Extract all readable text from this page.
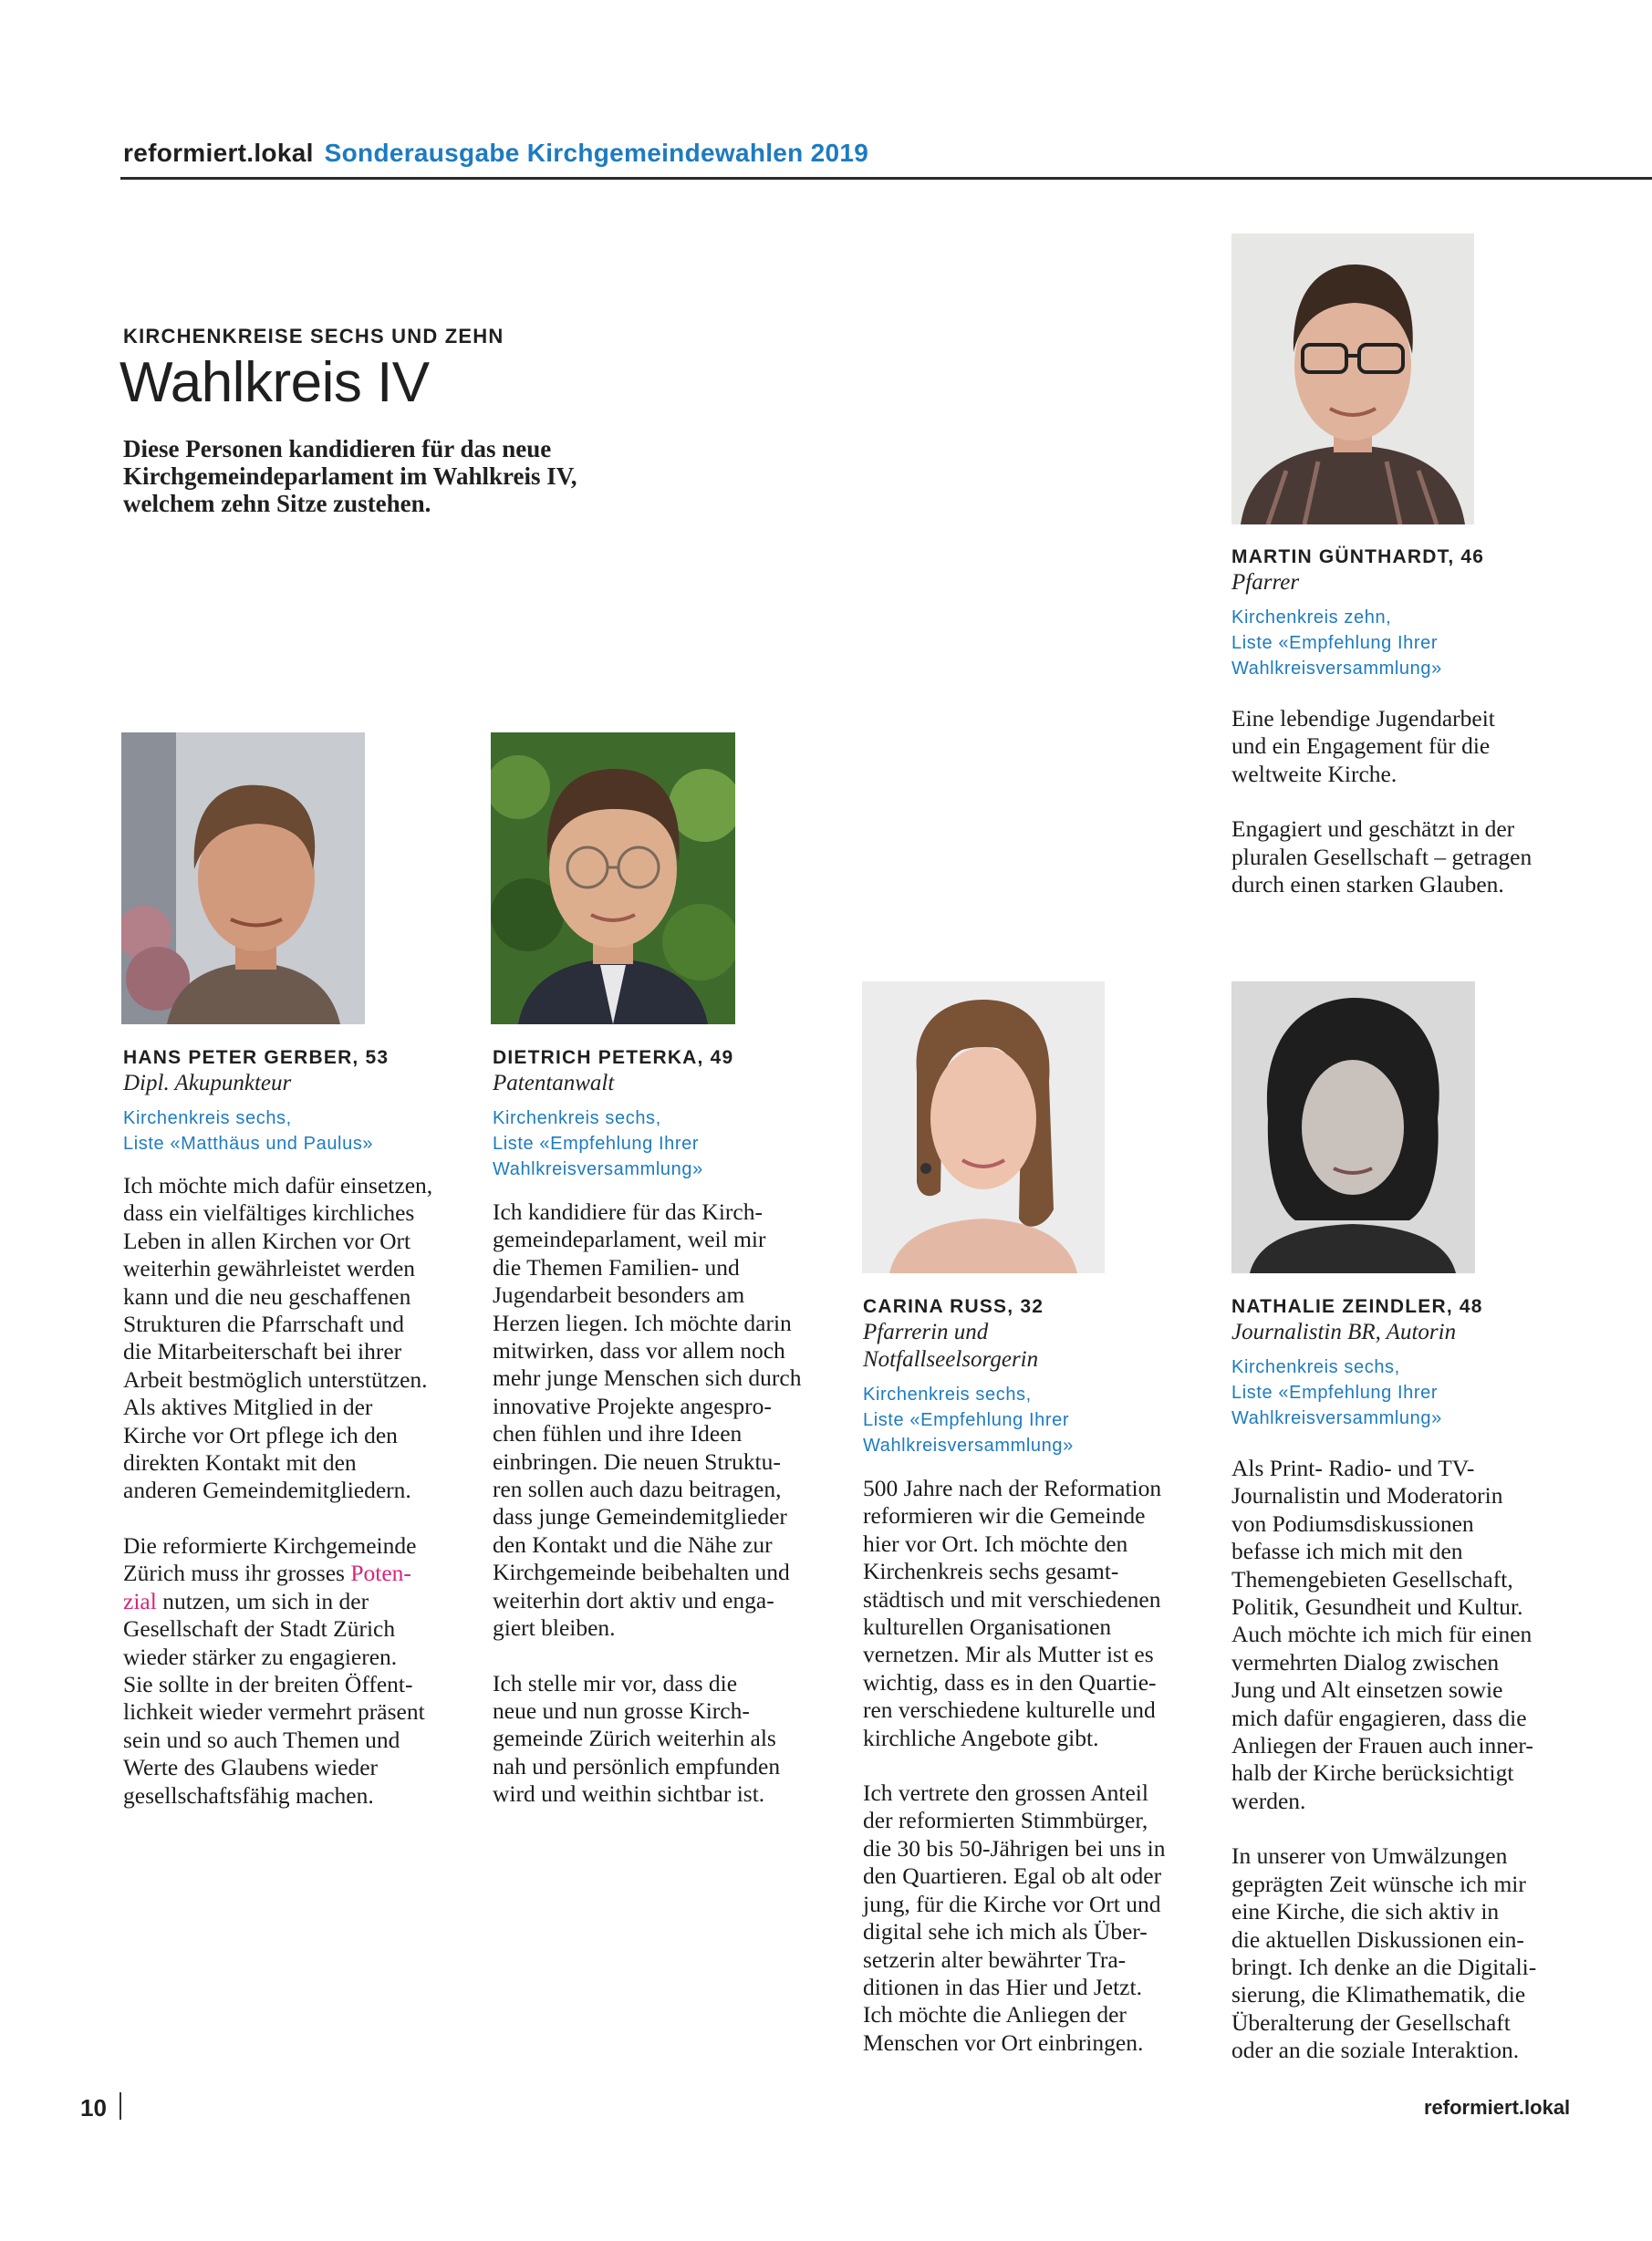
reformiert.lokal Sonderausgabe Kirchgemeindewahlen 2019
KIRCHENKREISE SECHS UND ZEHN
Wahlkreis IV
Diese Personen kandidieren für das neue
Kirchgemeindeparlament im Wahlkreis IV,
welchem zehn Sitze zustehen.
MARTIN GÜNTHARDT, 46
Pfarrer
Kirchenkreis zehn,
Liste «Empfehlung Ihrer
Wahlkreisversammlung»

Eine lebendige Jugendarbeit
und ein Engagement für die
weltweite Kirche.

Engagiert und geschätzt in der
pluralen Gesellschaft – getragen
durch einen starken Glauben.

HANS PETER GERBER, 53
Dipl. Akupunkteur
Kirchenkreis sechs,
Liste «Matthäus und Paulus»

Ich möchte mich dafür einsetzen,
dass ein vielfältiges kirchliches
Leben in allen Kirchen vor Ort
weiterhin gewährleistet werden
kann und die neu geschaffenen
Strukturen die Pfarrschaft und
die Mitarbeiterschaft bei ihrer
Arbeit bestmöglich unterstützen.
Als aktives Mitglied in der
Kirche vor Ort pflege ich den
direkten Kontakt mit den
anderen Gemeindemitgliedern.

Die reformierte Kirchgemeinde
Zürich muss ihr grosses Poten-
zial nutzen, um sich in der
Gesellschaft der Stadt Zürich
wieder stärker zu engagieren.
Sie sollte in der breiten Öffent-
lichkeit wieder vermehrt präsent
sein und so auch Themen und
Werte des Glaubens wieder
gesellschaftsfähig machen.

DIETRICH PETERKA, 49
Patentanwalt
Kirchenkreis sechs,
Liste «Empfehlung Ihrer
Wahlkreisversammlung»

Ich kandidiere für das Kirch-
gemeindeparlament, weil mir
die Themen Familien- und
Jugendarbeit besonders am
Herzen liegen. Ich möchte darin
mitwirken, dass vor allem noch
mehr junge Menschen sich durch
innovative Projekte angespro-
chen fühlen und ihre Ideen
einbringen. Die neuen Struktu-
ren sollen auch dazu beitragen,
dass junge Gemeindemitglieder
den Kontakt und die Nähe zur
Kirchgemeinde beibehalten und
weiterhin dort aktiv und enga-
giert bleiben.

Ich stelle mir vor, dass die
neue und nun grosse Kirch-
gemeinde Zürich weiterhin als
nah und persönlich empfunden
wird und weithin sichtbar ist.

CARINA RUSS, 32
Pfarrerin und
Notfallseelsorgerin
Kirchenkreis sechs,
Liste «Empfehlung Ihrer
Wahlkreisversammlung»

500 Jahre nach der Reformation
reformieren wir die Gemeinde
hier vor Ort. Ich möchte den
Kirchenkreis sechs gesamt-
städtisch und mit verschiedenen
kulturellen Organisationen
vernetzen. Mir als Mutter ist es
wichtig, dass es in den Quartie-
ren verschiedene kulturelle und
kirchliche Angebote gibt.

Ich vertrete den grossen Anteil
der reformierten Stimmbürger,
die 30 bis 50-Jährigen bei uns in
den Quartieren. Egal ob alt oder
jung, für die Kirche vor Ort und
digital sehe ich mich als Über-
setzerin alter bewährter Tra-
ditionen in das Hier und Jetzt.
Ich möchte die Anliegen der
Menschen vor Ort einbringen.

NATHALIE ZEINDLER, 48
Journalistin BR, Autorin
Kirchenkreis sechs,
Liste «Empfehlung Ihrer
Wahlkreisversammlung»

Als Print- Radio- und TV-
Journalistin und Moderatorin
von Podiumsdiskussionen
befasse ich mich mit den
Themengebieten Gesellschaft,
Politik, Gesundheit und Kultur.
Auch möchte ich mich für einen
vermehrten Dialog zwischen
Jung und Alt einsetzen sowie
mich dafür engagieren, dass die
Anliegen der Frauen auch inner-
halb der Kirche berücksichtigt
werden.

In unserer von Umwälzungen
geprägten Zeit wünsche ich mir
eine Kirche, die sich aktiv in
die aktuellen Diskussionen ein-
bringt. Ich denke an die Digitali-
sierung, die Klimathematik, die
Überalterung der Gesellschaft
oder an die soziale Interaktion.

10	reformiert.lokal
